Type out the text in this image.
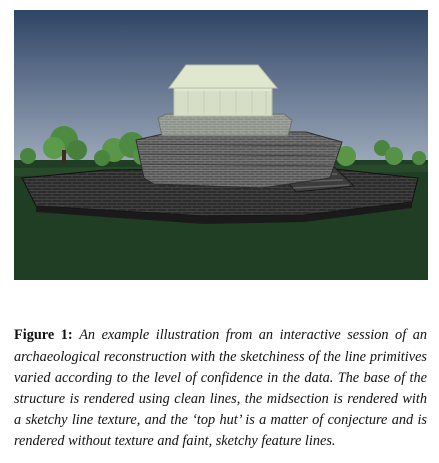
Figure 1: An example illustration from an interactive session of an archaeological reconstruction with the sketchiness of the line primitives varied according to the level of confidence in the data. The base of the structure is rendered using clean lines, the midsection is rendered with a sketchy line texture, and the ‘top hut’ is a matter of conjecture and is rendered without texture and faint, sketchy feature lines.
